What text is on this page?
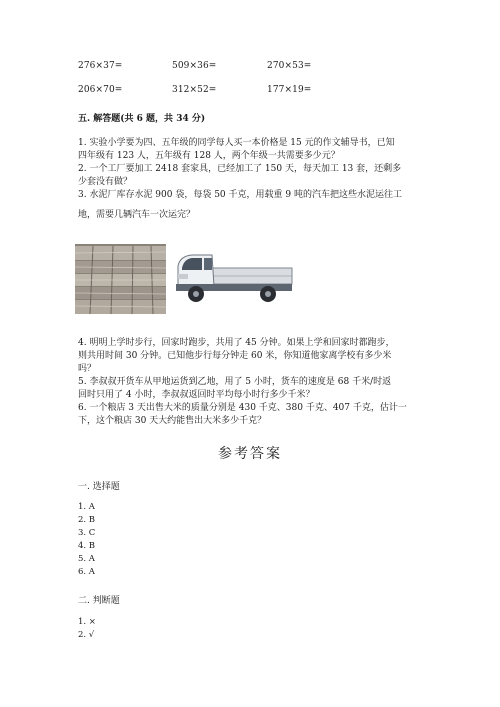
276×37=	509×36=	270×53=
206×70=	312×52=	177×19=
五. 解答题(共 6 题，共 34 分)
1. 实验小学要为四、五年级的同学每人买一本价格是 15 元的作文辅导书，已知
四年级有 123 人，五年级有 128 人，两个年级一共需要多少元？
2. 一个工厂要加工 2418 套家具，已经加工了 150 天，每天加工 13 套，还剩多
少套没有做？
3. 水泥厂库存水泥 900 袋，每袋 50 千克，用载重 9 吨的汽车把这些水泥运往工
地，需要几辆汽车一次运完？
4. 明明上学时步行，回家时跑步，共用了 45 分钟。如果上学和回家时都跑步，
则共用时间 30 分钟。已知他步行每分钟走 60 米，你知道他家离学校有多少米
吗？
5. 李叔叔开货车从甲地运货到乙地，用了 5 小时，货车的速度是 68 千米/时返
回时只用了 4 小时，李叔叔返回时平均每小时行多少千米？
6. 一个粮店 3 天出售大米的质量分别是 430 千克、380 千克、407 千克，估计一
下，这个粮店 30 天大约能售出大米多少千克？
参考答案
一. 选择题
1. A
2. B
3. C
4. B
5. A
6. A
二. 判断题
1. ×
2. √
